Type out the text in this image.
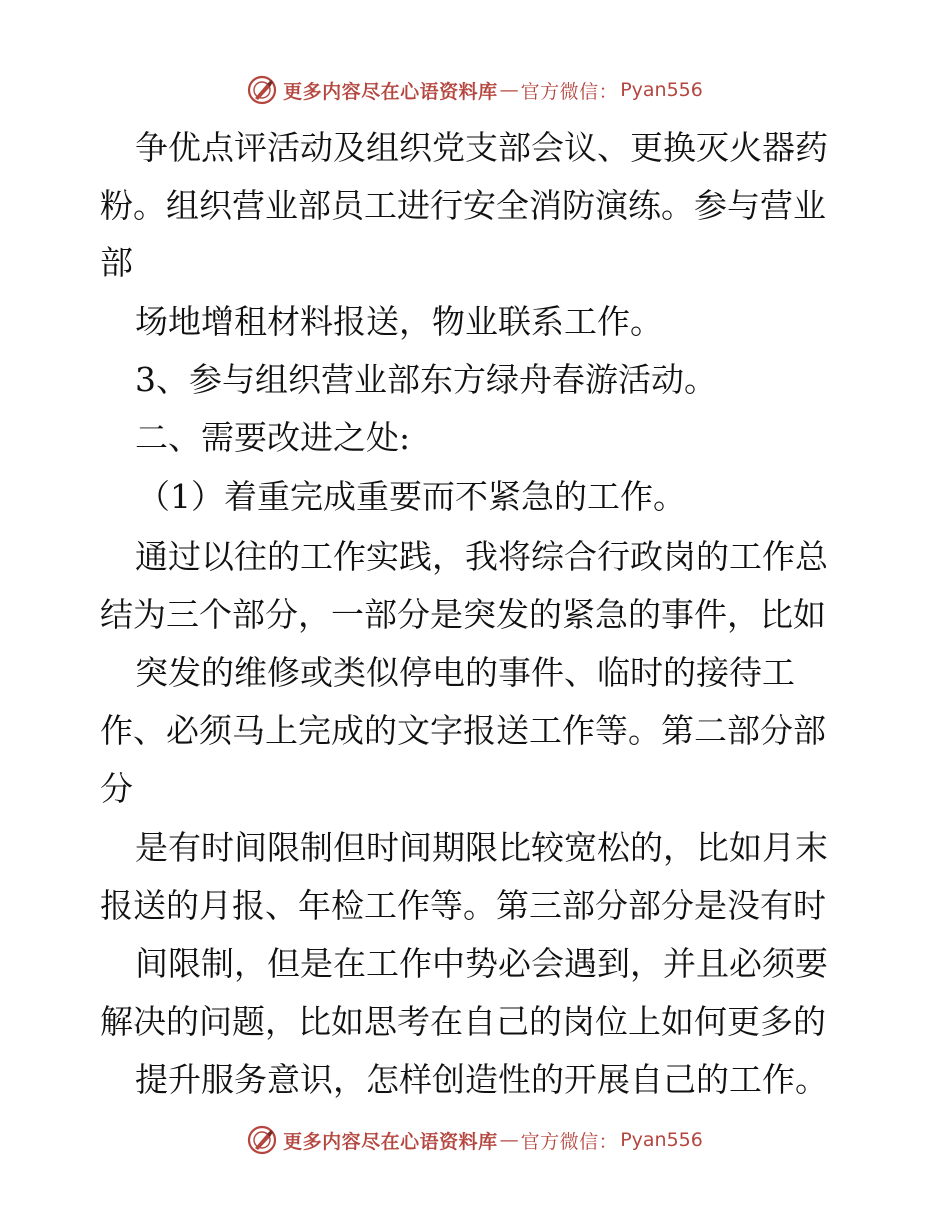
更多内容尽在心语资料库 — 官方微信： Pyan556
争优点评活动及组织党支部会议、更换灭火器药
粉。组织营业部员工进行安全消防演练。参与营业
部
场地增租材料报送，物业联系工作。
3、参与组织营业部东方绿舟春游活动。
二、需要改进之处:
（1）着重完成重要而不紧急的工作。
通过以往的工作实践，我将综合行政岗的工作总
结为三个部分，一部分是突发的紧急的事件，比如
突发的维修或类似停电的事件、临时的接待工
作、必须马上完成的文字报送工作等。第二部分部
分
是有时间限制但时间期限比较宽松的，比如月末
报送的月报、年检工作等。第三部分部分是没有时
间限制，但是在工作中势必会遇到，并且必须要
解决的问题，比如思考在自己的岗位上如何更多的
提升服务意识，怎样创造性的开展自己的工作。
更多内容尽在心语资料库 — 官方微信： Pyan556
